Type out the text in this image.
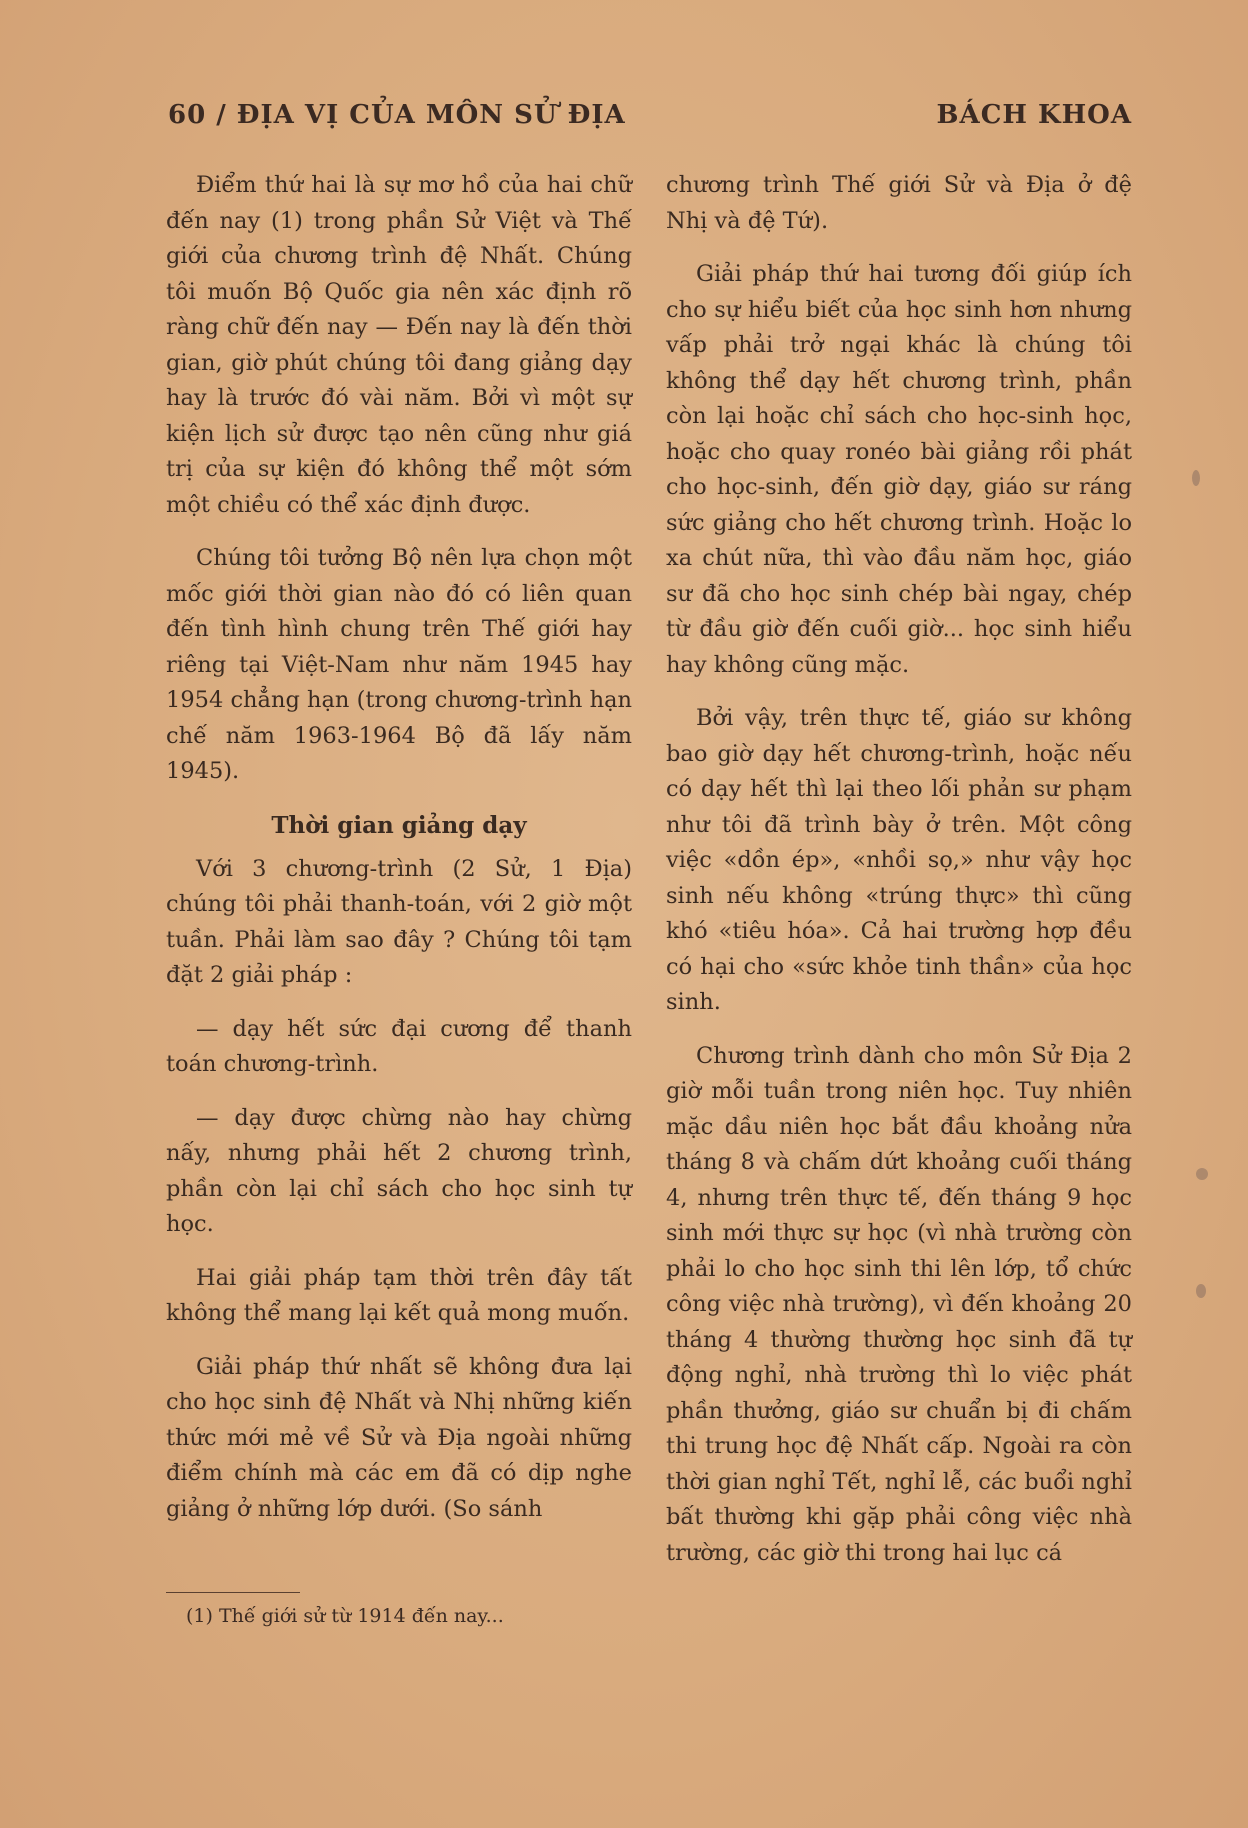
60 / ĐỊA VỊ CỦA MÔN SỬ ĐỊA	BÁCH KHOA

Điểm thứ hai là sự mơ hồ của hai chữ đến nay (1) trong phần Sử Việt và Thế giới của chương trình đệ Nhất. Chúng tôi muốn Bộ Quốc gia nên xác định rõ ràng chữ đến nay — Đến nay là đến thời gian, giờ phút chúng tôi đang giảng dạy hay là trước đó vài năm. Bởi vì một sự kiện lịch sử được tạo nên cũng như giá trị của sự kiện đó không thể một sớm một chiều có thể xác định được.

Chúng tôi tưởng Bộ nên lựa chọn một mốc giới thời gian nào đó có liên quan đến tình hình chung trên Thế giới hay riêng tại Việt-Nam như năm 1945 hay 1954 chẳng hạn (trong chương-trình hạn chế năm 1963-1964 Bộ đã lấy năm 1945).

Thời gian giảng dạy

Với 3 chương-trình (2 Sử, 1 Địa) chúng tôi phải thanh-toán, với 2 giờ một tuần. Phải làm sao đây ? Chúng tôi tạm đặt 2 giải pháp :

— dạy hết sức đại cương để thanh toán chương-trình.

— dạy được chừng nào hay chừng nấy, nhưng phải hết 2 chương trình, phần còn lại chỉ sách cho học sinh tự học.

Hai giải pháp tạm thời trên đây tất không thể mang lại kết quả mong muốn.

Giải pháp thứ nhất sẽ không đưa lại cho học sinh đệ Nhất và Nhị những kiến thức mới mẻ về Sử và Địa ngoài những điểm chính mà các em đã có dịp nghe giảng ở những lớp dưới. (So sánh

chương trình Thế giới Sử và Địa ở đệ Nhị và đệ Tứ).

Giải pháp thứ hai tương đối giúp ích cho sự hiểu biết của học sinh hơn nhưng vấp phải trở ngại khác là chúng tôi không thể dạy hết chương trình, phần còn lại hoặc chỉ sách cho học-sinh học, hoặc cho quay ronéo bài giảng rồi phát cho học-sinh, đến giờ dạy, giáo sư ráng sức giảng cho hết chương trình. Hoặc lo xa chút nữa, thì vào đầu năm học, giáo sư đã cho học sinh chép bài ngay, chép từ đầu giờ đến cuối giờ... học sinh hiểu hay không cũng mặc.

Bởi vậy, trên thực tế, giáo sư không bao giờ dạy hết chương-trình, hoặc nếu có dạy hết thì lại theo lối phản sư phạm như tôi đã trình bày ở trên. Một công việc «dồn ép», «nhồi sọ,» như vậy học sinh nếu không «trúng thực» thì cũng khó «tiêu hóa». Cả hai trường hợp đều có hại cho «sức khỏe tinh thần» của học sinh.

Chương trình dành cho môn Sử Địa 2 giờ mỗi tuần trong niên học. Tuy nhiên mặc dầu niên học bắt đầu khoảng nửa tháng 8 và chấm dứt khoảng cuối tháng 4, nhưng trên thực tế, đến tháng 9 học sinh mới thực sự học (vì nhà trường còn phải lo cho học sinh thi lên lớp, tổ chức công việc nhà trường), vì đến khoảng 20 tháng 4 thường thường học sinh đã tự động nghỉ, nhà trường thì lo việc phát phần thưởng, giáo sư chuẩn bị đi chấm thi trung học đệ Nhất cấp. Ngoài ra còn thời gian nghỉ Tết, nghỉ lễ, các buổi nghỉ bất thường khi gặp phải công việc nhà trường, các giờ thi trong hai lục cá

(1) Thế giới sử từ 1914 đến nay...
